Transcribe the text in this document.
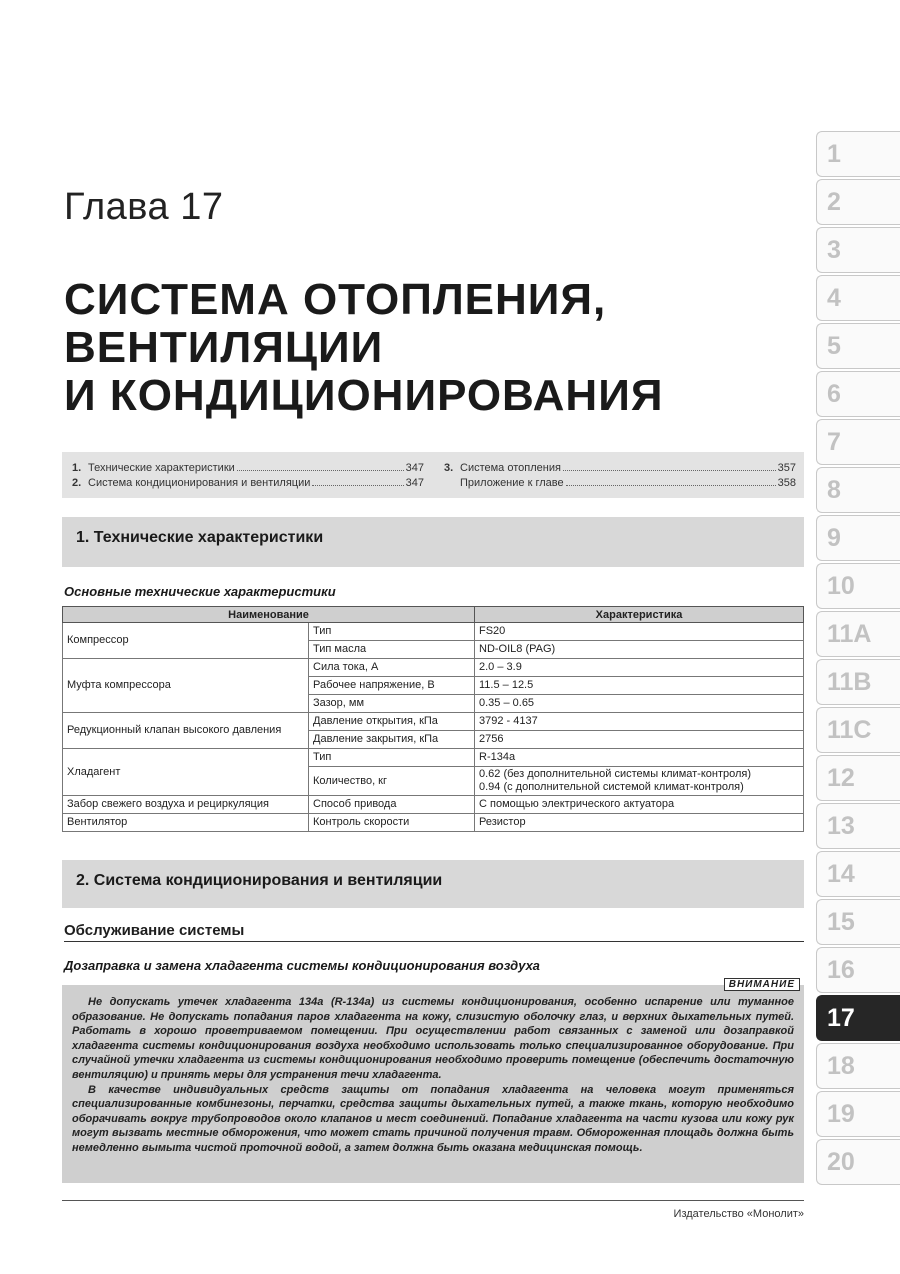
Глава 17
СИСТЕМА ОТОПЛЕНИЯ,
ВЕНТИЛЯЦИИ
И КОНДИЦИОНИРОВАНИЯ
1. Технические характеристики	347
2. Система кондиционирования и вентиляции	347
3. Система отопления	357
Приложение к главе	358
1. Технические характеристики
Основные технические характеристики
Наименование		Характеристика
Компрессор	Тип	FS20
	Тип масла	ND-OIL8 (PAG)
Муфта компрессора	Сила тока, А	2.0 – 3.9
	Рабочее напряжение, В	11.5 – 12.5
	Зазор, мм	0.35 – 0.65
Редукционный клапан высокого давления	Давление открытия, кПа	3792 - 4137
	Давление закрытия, кПа	2756
Хладагент	Тип	R-134a
	Количество, кг	0.62 (без дополнительной системы климат-контроля)
0.94 (с дополнительной системой климат-контроля)

Забор свежего воздуха и рециркуляция	Способ привода	С помощью электрического актуатора
Вентилятор	Контроль скорости	Резистор
2. Система кондиционирования и вентиляции
Обслуживание системы
Дозаправка и замена хладагента системы кондиционирования воздуха
ВНИМАНИЕ

Не допускать утечек хладагента 134а (R-134а) из системы кондиционирования, особенно испарение или туманное образование. Не допускать попадания паров хладагента на кожу, слизистую оболочку глаз, и верхних дыхательных путей. Работать в хорошо проветриваемом помещении. При осуществлении работ связанных с заменой или дозаправкой хладагента системы кондиционирования воздуха необходимо использовать только специализированное оборудование. При случайной утечки хладагента из системы кондиционирования необходимо проверить помещение (обеспечить достаточную вентиляцию) и принять меры для устранения течи хладагента.

В качестве индивидуальных средств защиты от попадания хладагента на человека могут применяться специализированные комбинезоны, перчатки, средства защиты дыхательных путей, а также ткань, которую необходимо оборачивать вокруг трубопроводов около клапанов и мест соединений. Попадание хладагента на части кузова или кожу рук могут вызвать местные обморожения, что может стать причиной получения травм. Обмороженная площадь должна быть немедленно вымыта чистой проточной водой, а затем должна быть оказана медицинская помощь.

Издательство «Монолит»
1
2
3
4
5
6
7
8
9
10
11A
11B
11C
12
13
14
15
16
17
18
19
20
